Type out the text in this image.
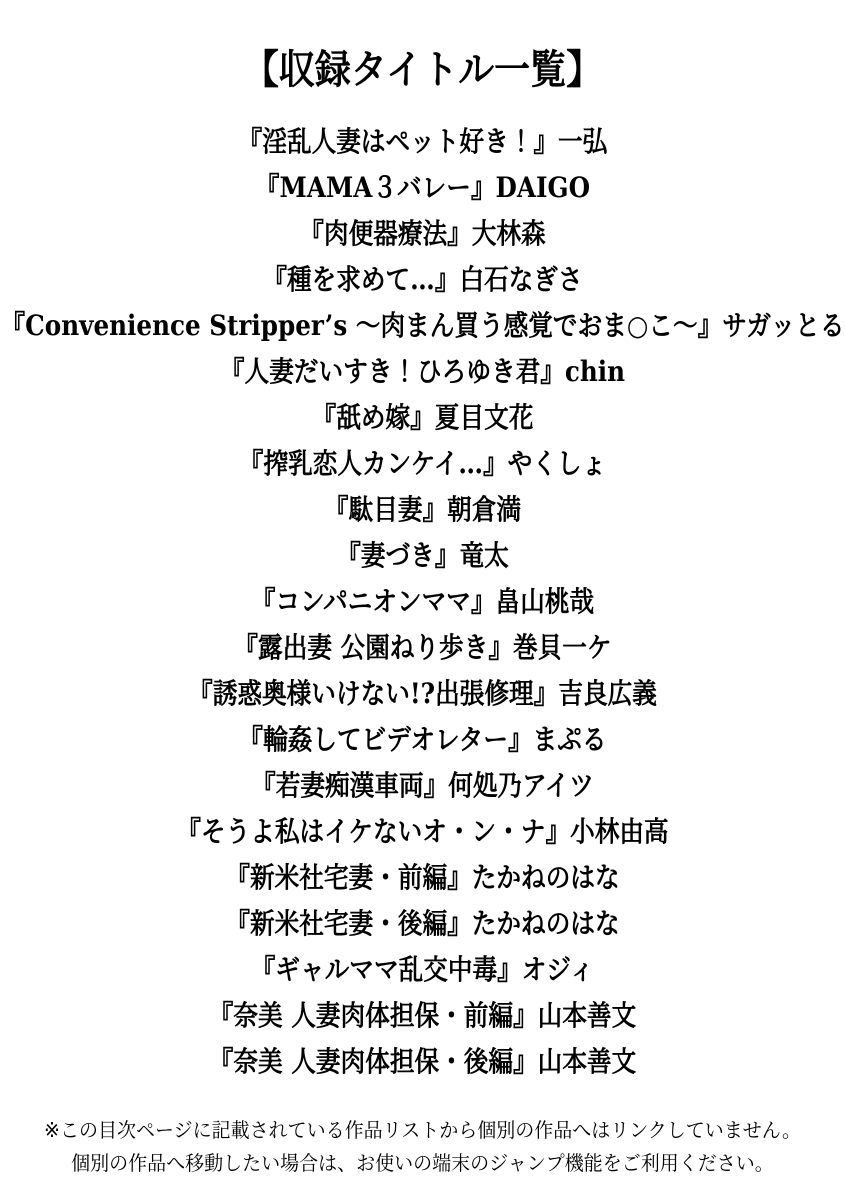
【収録タイトル一覧】
『淫乱人妻はペット好き！』一弘
『MAMA３バレー』DAIGO
『肉便器療法』大林森
『種を求めて…』白石なぎさ
『Convenience Stripper’s ～肉まん買う感覚でおま○こ～』サガッとる
『人妻だいすき！ひろゆき君』chin
『舐め嫁』夏目文花
『搾乳恋人カンケイ…』やくしょ
『駄目妻』朝倉満
『妻づき』竜太
『コンパニオンママ』畠山桃哉
『露出妻 公園ねり歩き』巻貝一ケ
『誘惑奥様いけない!?出張修理』吉良広義
『輪姦してビデオレター』まぷる
『若妻痴漢車両』何処乃アイツ
『そうよ私はイケないオ・ン・ナ』小林由高
『新米社宅妻・前編』たかねのはな
『新米社宅妻・後編』たかねのはな
『ギャルママ乱交中毒』オジィ
『奈美 人妻肉体担保・前編』山本善文
『奈美 人妻肉体担保・後編』山本善文
※この目次ページに記載されている作品リストから個別の作品へはリンクしていません。
個別の作品へ移動したい場合は、お使いの端末のジャンプ機能をご利用ください。
